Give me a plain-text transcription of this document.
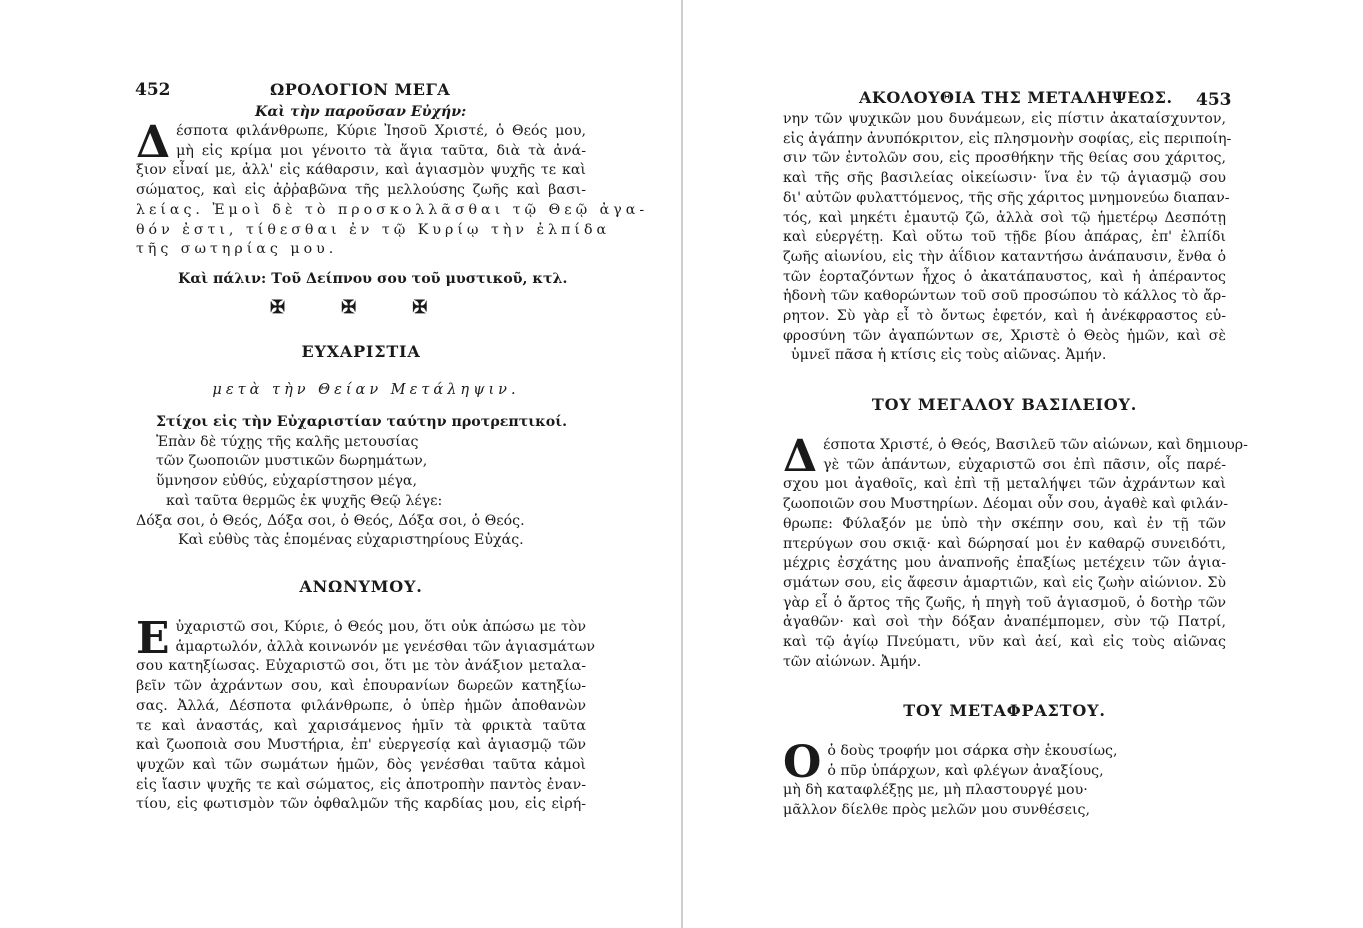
452	ΩΡΟΛΟΓΙΟΝ ΜΕΓΑ
Καὶ τὴν παροῦσαν Εὐχήν:
Δ έσποτα φιλάνθρωπε, Κύριε Ἰησοῦ Χριστέ, ὁ Θεός μου,
μὴ εἰς κρίμα μοι γένοιτο τὰ ἅγια ταῦτα, διὰ τὰ ἀνά-
ξιον εἶναί με, ἀλλ' εἰς κάθαρσιν, καὶ ἁγιασμὸν ψυχῆς τε καὶ
σώματος, καὶ εἰς ἀῤῥαβῶνα τῆς μελλούσης ζωῆς καὶ βασι-
λείας. Ἐμοὶ δὲ τὸ προσκολλᾶσθαι τῷ Θεῷ ἀγα-
θόν ἐστι, τίθεσθαι ἐν τῷ Κυρίῳ τὴν ἐλπίδα
τῆς σωτηρίας μου.
Καὶ πάλιν: Τοῦ Δείπνου σου τοῦ μυστικοῦ, κτλ.
✠	✠	✠
ΕΥΧΑΡΙΣΤΙΑ
μετὰ τὴν Θείαν Μετάληψιν.
Στίχοι εἰς τὴν Εὐχαριστίαν ταύτην προτρεπτικοί.
Ἐπὰν δὲ τύχῃς τῆς καλῆς μετουσίας
τῶν ζωοποιῶν μυστικῶν δωρημάτων,
ὕμνησον εὐθύς, εὐχαρίστησον μέγα,
καὶ ταῦτα θερμῶς ἐκ ψυχῆς Θεῷ λέγε:
Δόξα σοι, ὁ Θεός, Δόξα σοι, ὁ Θεός, Δόξα σοι, ὁ Θεός.
Καὶ εὐθὺς τὰς ἑπομένας εὐχαριστηρίους Εὐχάς.
ΑΝΩΝΥΜΟΥ.
Ε ὐχαριστῶ σοι, Κύριε, ὁ Θεός μου, ὅτι οὐκ ἀπώσω με τὸν
ἁμαρτωλόν, ἀλλὰ κοινωνόν με γενέσθαι τῶν ἁγιασμάτων
σου κατηξίωσας. Εὐχαριστῶ σοι, ὅτι με τὸν ἀνάξιον μεταλα-
βεῖν τῶν ἀχράντων σου, καὶ ἐπουρανίων δωρεῶν κατηξίω-
σας. Ἀλλά, Δέσποτα φιλάνθρωπε, ὁ ὑπὲρ ἡμῶν ἀποθανὼν
τε καὶ ἀναστάς, καὶ χαρισάμενος ἡμῖν τὰ φρικτὰ ταῦτα
καὶ ζωοποιὰ σου Μυστήρια, ἐπ' εὐεργεσίᾳ καὶ ἁγιασμῷ τῶν
ψυχῶν καὶ τῶν σωμάτων ἡμῶν, δὸς γενέσθαι ταῦτα κἀμοὶ
εἰς ἴασιν ψυχῆς τε καὶ σώματος, εἰς ἀποτροπὴν παντὸς ἐναν-
τίου, εἰς φωτισμὸν τῶν ὀφθαλμῶν τῆς καρδίας μου, εἰς εἰρή-
ΑΚΟΛΟΥΘΙΑ ΤΗΣ ΜΕΤΑΛΗΨΕΩΣ. 453
νην τῶν ψυχικῶν μου δυνάμεων, εἰς πίστιν ἀκαταίσχυντον,
εἰς ἀγάπην ἀνυπόκριτον, εἰς πλησμονὴν σοφίας, εἰς περιποίη-
σιν τῶν ἐντολῶν σου, εἰς προσθήκην τῆς θείας σου χάριτος,
καὶ τῆς σῆς βασιλείας οἰκείωσιν· ἵνα ἐν τῷ ἁγιασμῷ σου
δι' αὐτῶν φυλαττόμενος, τῆς σῆς χάριτος μνημονεύω διαπαν-
τός, καὶ μηκέτι ἐμαυτῷ ζῶ, ἀλλὰ σοὶ τῷ ἡμετέρῳ Δεσπότῃ
καὶ εὐεργέτῃ. Καὶ οὕτω τοῦ τῇδε βίου ἀπάρας, ἐπ' ἐλπίδι
ζωῆς αἰωνίου, εἰς τὴν ἀΐδιον καταντήσω ἀνάπαυσιν, ἔνθα ὁ
τῶν ἑορταζόντων ἦχος ὁ ἀκατάπαυστος, καὶ ἡ ἀπέραντος
ἡδονὴ τῶν καθορώντων τοῦ σοῦ προσώπου τὸ κάλλος τὸ ἄρ-
ρητον. Σὺ γὰρ εἶ τὸ ὄντως ἐφετόν, καὶ ἡ ἀνέκφραστος εὐ-
φροσύνη τῶν ἀγαπώντων σε, Χριστὲ ὁ Θεὸς ἡμῶν, καὶ σὲ
ὑμνεῖ πᾶσα ἡ κτίσις εἰς τοὺς αἰῶνας. Ἀμήν.
ΤΟΥ ΜΕΓΑΛΟΥ ΒΑΣΙΛΕΙΟΥ.
Δ έσποτα Χριστέ, ὁ Θεός, Βασιλεῦ τῶν αἰώνων, καὶ δημιουρ-
γὲ τῶν ἁπάντων, εὐχαριστῶ σοι ἐπὶ πᾶσιν, οἷς παρέ-
σχου μοι ἀγαθοῖς, καὶ ἐπὶ τῇ μεταλήψει τῶν ἀχράντων καὶ
ζωοποιῶν σου Μυστηρίων. Δέομαι οὖν σου, ἀγαθὲ καὶ φιλάν-
θρωπε: Φύλαξόν με ὑπὸ τὴν σκέπην σου, καὶ ἐν τῇ τῶν
πτερύγων σου σκιᾷ· καὶ δώρησαί μοι ἐν καθαρῷ συνειδότι,
μέχρις ἐσχάτης μου ἀναπνοῆς ἐπαξίως μετέχειν τῶν ἁγια-
σμάτων σου, εἰς ἄφεσιν ἁμαρτιῶν, καὶ εἰς ζωὴν αἰώνιον. Σὺ
γὰρ εἶ ὁ ἄρτος τῆς ζωῆς, ἡ πηγὴ τοῦ ἁγιασμοῦ, ὁ δοτὴρ τῶν
ἀγαθῶν· καὶ σοὶ τὴν δόξαν ἀναπέμπομεν, σὺν τῷ Πατρί,
καὶ τῷ ἁγίῳ Πνεύματι, νῦν καὶ ἀεί, καὶ εἰς τοὺς αἰῶνας
τῶν αἰώνων. Ἀμήν.
ΤΟΥ ΜΕΤΑΦΡΑΣΤΟΥ.
Ο ὁ δοὺς τροφήν μοι σάρκα σὴν ἑκουσίως,
ὁ πῦρ ὑπάρχων, καὶ φλέγων ἀναξίους,
μὴ δὴ καταφλέξῃς με, μὴ πλαστουργέ μου·
μᾶλλον δίελθε πρὸς μελῶν μου συνθέσεις,
